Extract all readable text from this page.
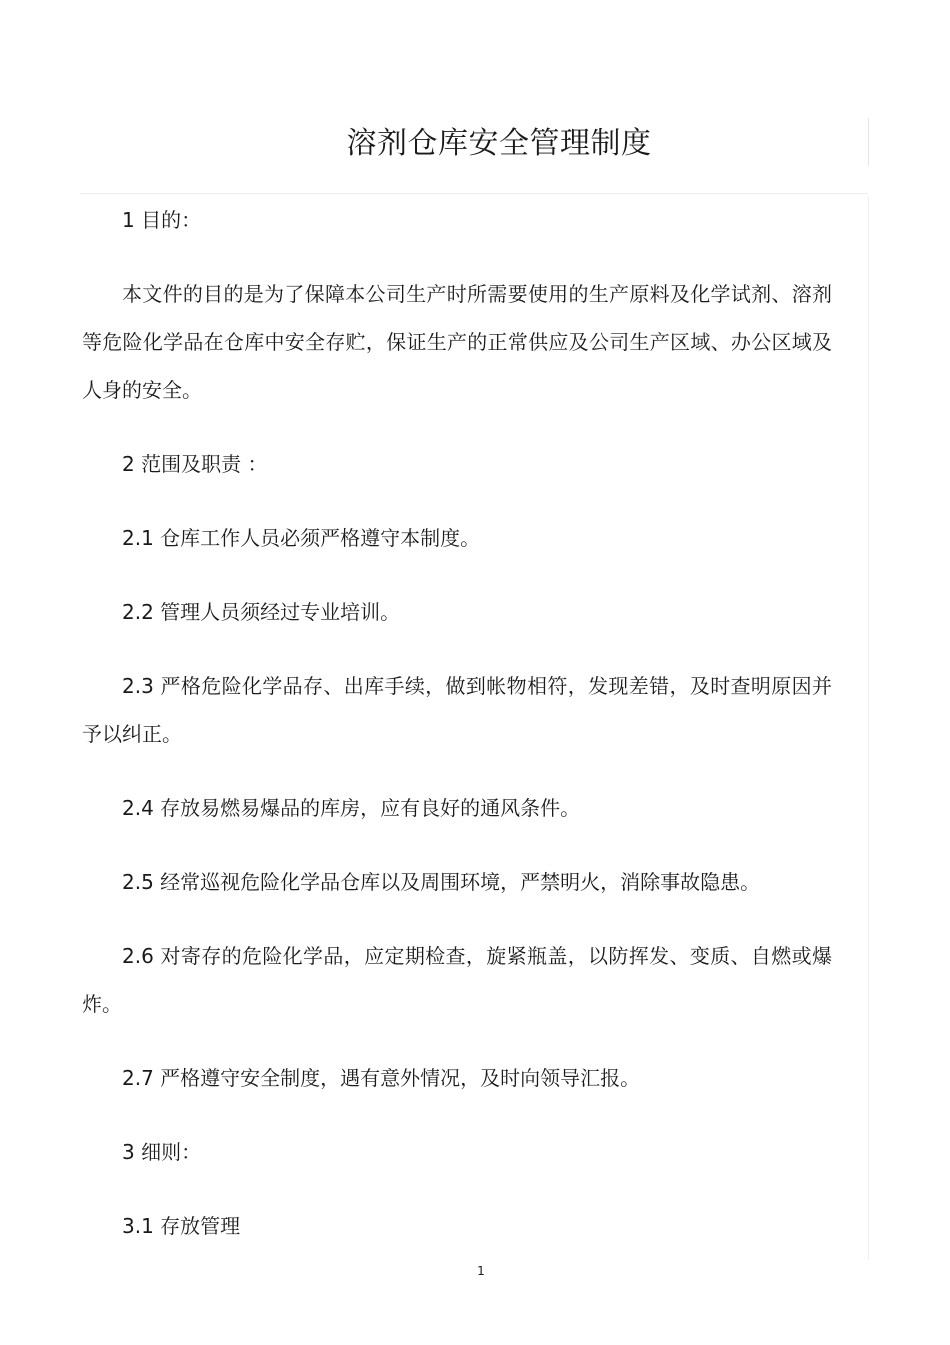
溶剂仓库安全管理制度

1 目的：

本文件的目的是为了保障本公司生产时所需要使用的生产原料及化学试剂、溶剂等危险化学品在仓库中安全存贮，保证生产的正常供应及公司生产区域、办公区域及人身的安全。

2 范围及职责 ：

2.1 仓库工作人员必须严格遵守本制度。

2.2 管理人员须经过专业培训。

2.3 严格危险化学品存、出库手续，做到帐物相符，发现差错，及时查明原因并予以纠正。

2.4 存放易燃易爆品的库房，应有良好的通风条件。

2.5 经常巡视危险化学品仓库以及周围环境，严禁明火，消除事故隐患。

2.6 对寄存的危险化学品，应定期检查，旋紧瓶盖，以防挥发、变质、自燃或爆炸。

2.7 严格遵守安全制度，遇有意外情况，及时向领导汇报。

3 细则：

3.1 存放管理

1
